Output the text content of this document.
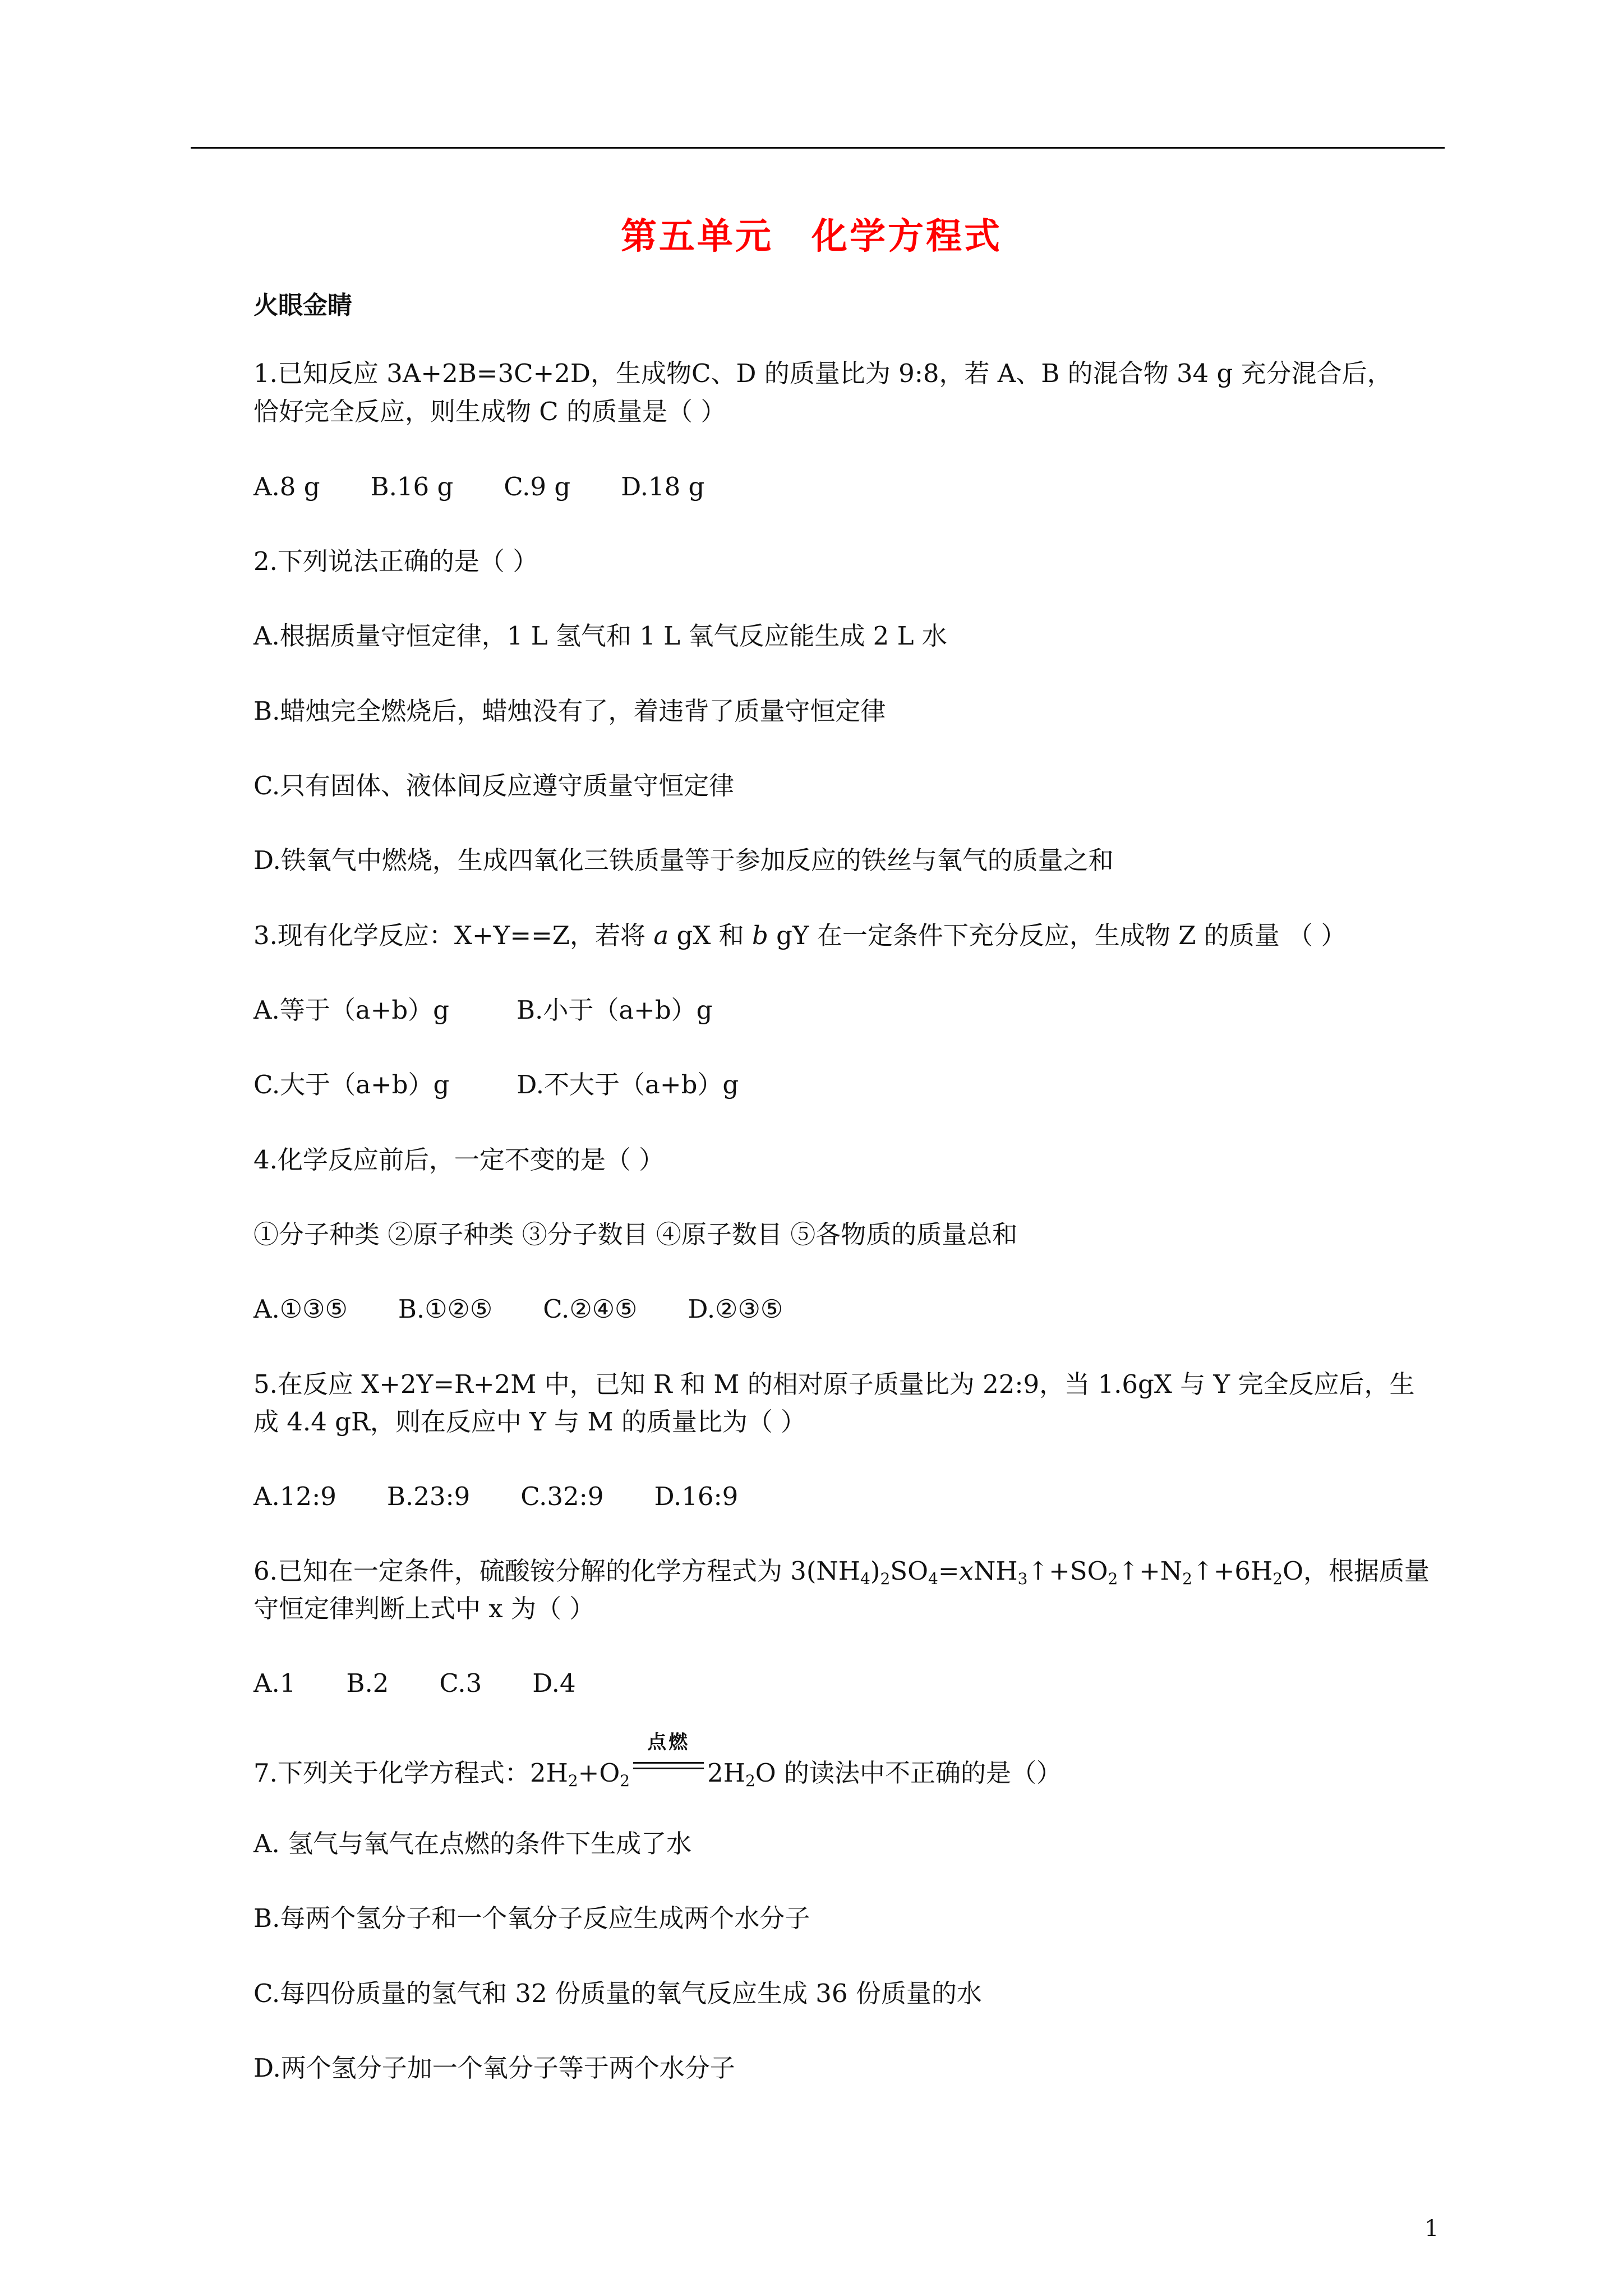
第五单元　化学方程式
火眼金睛
1.已知反应 3A+2B=3C+2D，生成物C、D 的质量比为 9:8，若 A、B 的混合物 34 g 充分混合后，
恰好完全反应，则生成物 C 的质量是（ ）
A.8 g　　B.16 g　　C.9 g　　D.18 g
2.下列说法正确的是（ ）
A.根据质量守恒定律，1 L 氢气和 1 L 氧气反应能生成 2 L 水
B.蜡烛完全燃烧后，蜡烛没有了，着违背了质量守恒定律
C.只有固体、液体间反应遵守质量守恒定律
D.铁氧气中燃烧，生成四氧化三铁质量等于参加反应的铁丝与氧气的质量之和
3.现有化学反应：X+Y==Z，若将 a gX 和 b gY 在一定条件下充分反应，生成物 Z 的质量 （ ）
A.等于（a+b）g	B.小于（a+b）g
C.大于（a+b）g	D.不大于（a+b）g
4.化学反应前后，一定不变的是（ ）
①分子种类 ②原子种类 ③分子数目 ④原子数目 ⑤各物质的质量总和
A.①③⑤　　B.①②⑤　　C.②④⑤　　D.②③⑤
5.在反应 X+2Y=R+2M 中，已知 R 和 M 的相对原子质量比为 22:9，当 1.6gX 与 Y 完全反应后，生
成 4.4 gR，则在反应中 Y 与 M 的质量比为（ ）
A.12:9　　B.23:9　　C.32:9　　D.16:9
6.已知在一定条件，硫酸铵分解的化学方程式为 $3(NH_4)_2SO_4=xNH_3↑+SO_2↑+N_2↑+6H_2O$，根据质量
守恒定律判断上式中 x 为（ ）
A.1　　B.2　　C.3　　D.4
7.下列关于化学方程式：$2H_2+O_2$
点燃
$2H_2O$ 的读法中不正确的是（）
A. 氢气与氧气在点燃的条件下生成了水
B.每两个氢分子和一个氧分子反应生成两个水分子
C.每四份质量的氢气和 32 份质量的氧气反应生成 36 份质量的水
D.两个氢分子加一个氧分子等于两个水分子
1
